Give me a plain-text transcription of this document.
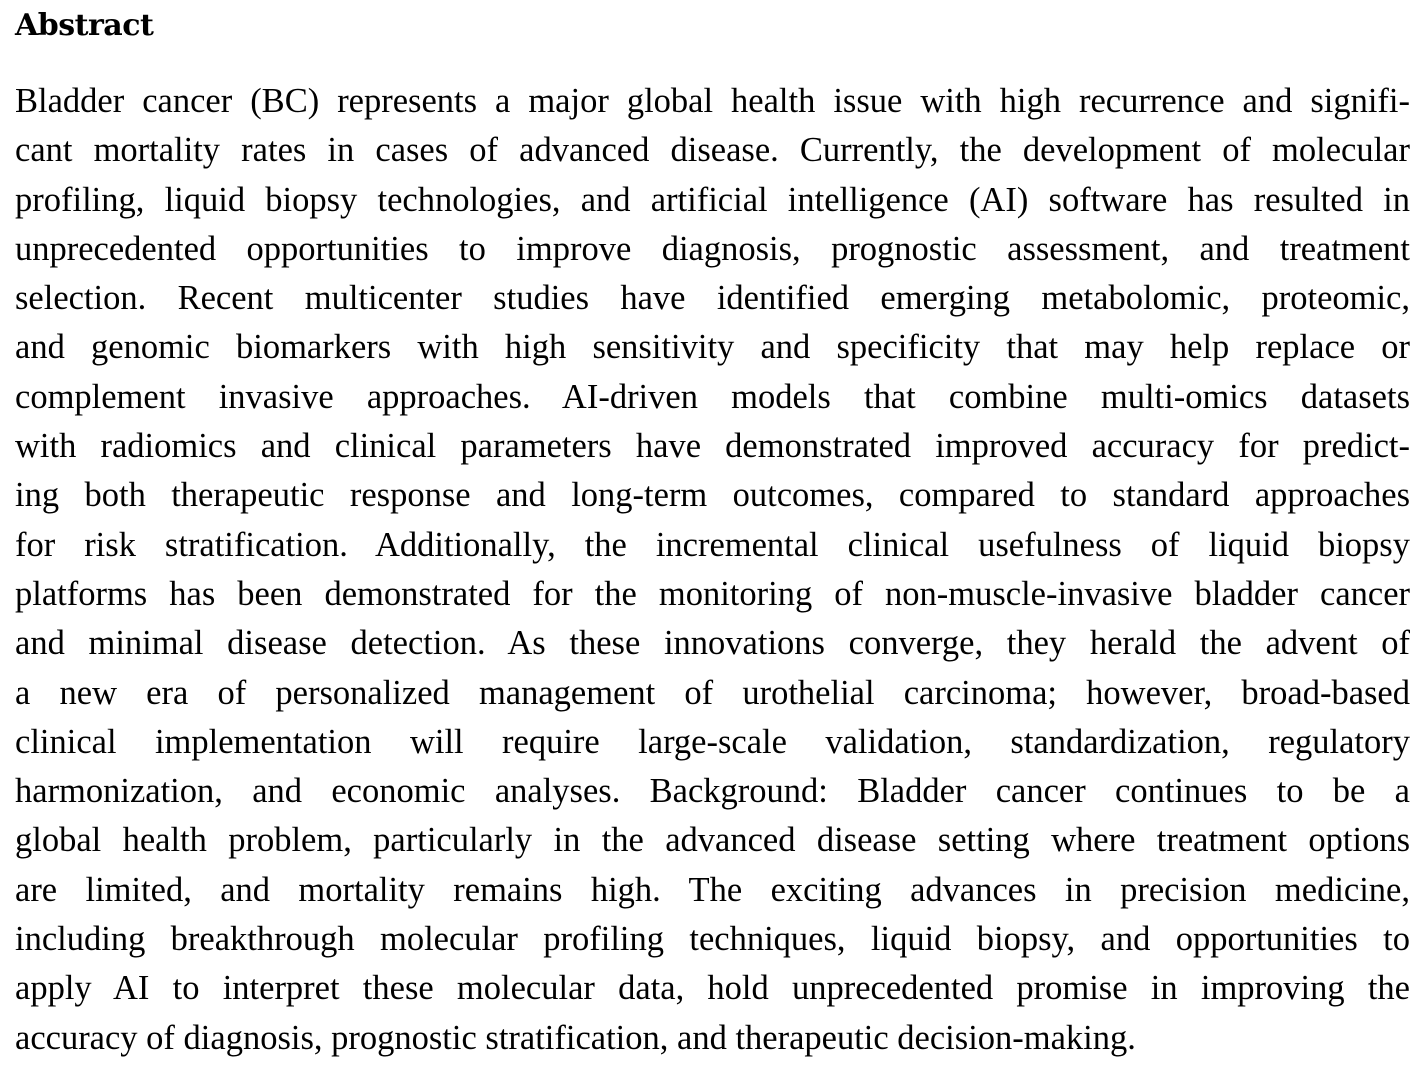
Abstract
Bladder cancer (BC) represents a major global health issue with high recurrence and signifi-
cant mortality rates in cases of advanced disease. Currently, the development of molecular
profiling, liquid biopsy technologies, and artificial intelligence (AI) software has resulted in
unprecedented opportunities to improve diagnosis, prognostic assessment, and treatment
selection. Recent multicenter studies have identified emerging metabolomic, proteomic,
and genomic biomarkers with high sensitivity and specificity that may help replace or
complement invasive approaches. AI-driven models that combine multi-omics datasets
with radiomics and clinical parameters have demonstrated improved accuracy for predict-
ing both therapeutic response and long-term outcomes, compared to standard approaches
for risk stratification. Additionally, the incremental clinical usefulness of liquid biopsy
platforms has been demonstrated for the monitoring of non-muscle-invasive bladder cancer
and minimal disease detection. As these innovations converge, they herald the advent of
a new era of personalized management of urothelial carcinoma; however, broad-based
clinical implementation will require large-scale validation, standardization, regulatory
harmonization, and economic analyses. Background: Bladder cancer continues to be a
global health problem, particularly in the advanced disease setting where treatment options
are limited, and mortality remains high. The exciting advances in precision medicine,
including breakthrough molecular profiling techniques, liquid biopsy, and opportunities to
apply AI to interpret these molecular data, hold unprecedented promise in improving the
accuracy of diagnosis, prognostic stratification, and therapeutic decision-making.
